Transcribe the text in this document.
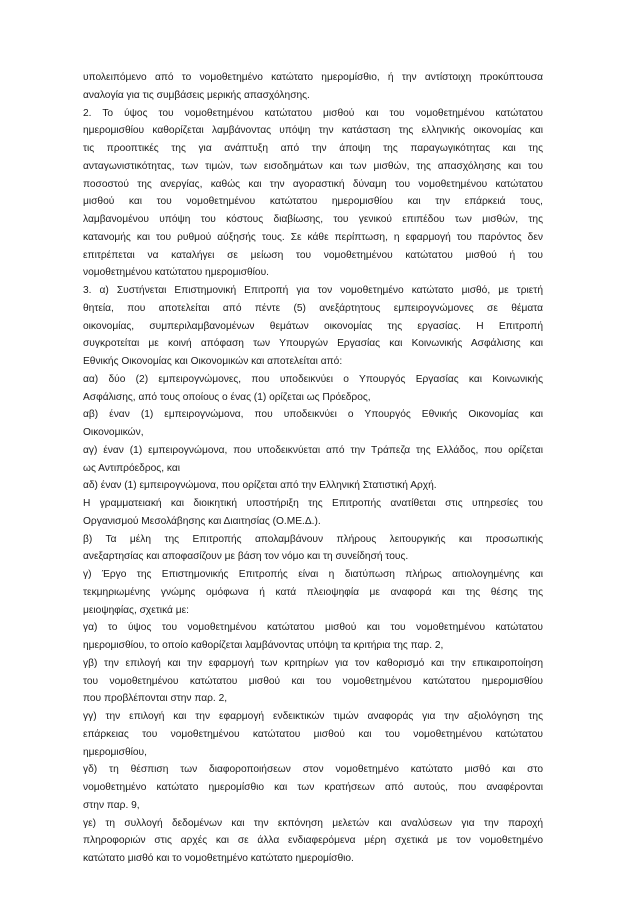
υπολειπόμενο από το νομοθετημένο κατώτατο ημερομίσθιο, ή την αντίστοιχη προκύπτουσα
αναλογία για τις συμβάσεις μερικής απασχόλησης.
2. Το ύψος του νομοθετημένου κατώτατου μισθού και του νομοθετημένου κατώτατου
ημερομισθίου καθορίζεται λαμβάνοντας υπόψη την κατάσταση της ελληνικής οικονομίας και
τις προοπτικές της για ανάπτυξη από την άποψη της παραγωγικότητας και της
ανταγωνιστικότητας, των τιμών, των εισοδημάτων και των μισθών, της απασχόλησης και του
ποσοστού της ανεργίας, καθώς και την αγοραστική δύναμη του νομοθετημένου κατώτατου
μισθού και του νομοθετημένου κατώτατου ημερομισθίου και την επάρκειά τους,
λαμβανομένου υπόψη του κόστους διαβίωσης, του γενικού επιπέδου των μισθών, της
κατανομής και του ρυθμού αύξησής τους. Σε κάθε περίπτωση, η εφαρμογή του παρόντος δεν
επιτρέπεται να καταλήγει σε μείωση του νομοθετημένου κατώτατου μισθού ή του
νομοθετημένου κατώτατου ημερομισθίου.
3. α) Συστήνεται Επιστημονική Επιτροπή για τον νομοθετημένο κατώτατο μισθό, με τριετή
θητεία, που αποτελείται από πέντε (5) ανεξάρτητους εμπειρογνώμονες σε θέματα
οικονομίας, συμπεριλαμβανομένων θεμάτων οικονομίας της εργασίας. Η Επιτροπή
συγκροτείται με κοινή απόφαση των Υπουργών Εργασίας και Κοινωνικής Ασφάλισης και
Εθνικής Οικονομίας και Οικονομικών και αποτελείται από:
αα) δύο (2) εμπειρογνώμονες, που υποδεικνύει ο Υπουργός Εργασίας και Κοινωνικής
Ασφάλισης, από τους οποίους ο ένας (1) ορίζεται ως Πρόεδρος,
αβ) έναν (1) εμπειρογνώμονα, που υποδεικνύει ο Υπουργός Εθνικής Οικονομίας και
Οικονομικών,
αγ) έναν (1) εμπειρογνώμονα, που υποδεικνύεται από την Τράπεζα της Ελλάδος, που ορίζεται
ως Αντιπρόεδρος, και
αδ) έναν (1) εμπειρογνώμονα, που ορίζεται από την Ελληνική Στατιστική Αρχή.
Η γραμματειακή και διοικητική υποστήριξη της Επιτροπής ανατίθεται στις υπηρεσίες του
Οργανισμού Μεσολάβησης και Διαιτησίας (Ο.ΜΕ.Δ.).
β) Τα μέλη της Επιτροπής απολαμβάνουν πλήρους λειτουργικής και προσωπικής
ανεξαρτησίας και αποφασίζουν με βάση τον νόμο και τη συνείδησή τους.
γ) Έργο της Επιστημονικής Επιτροπής είναι η διατύπωση πλήρως αιτιολογημένης και
τεκμηριωμένης γνώμης ομόφωνα ή κατά πλειοψηφία με αναφορά και της θέσης της
μειοψηφίας, σχετικά με:
γα) το ύψος του νομοθετημένου κατώτατου μισθού και του νομοθετημένου κατώτατου
ημερομισθίου, το οποίο καθορίζεται λαμβάνοντας υπόψη τα κριτήρια της παρ. 2,
γβ) την επιλογή και την εφαρμογή των κριτηρίων για τον καθορισμό και την επικαιροποίηση
του νομοθετημένου κατώτατου μισθού και του νομοθετημένου κατώτατου ημερομισθίου
που προβλέπονται στην παρ. 2,
γγ) την επιλογή και την εφαρμογή ενδεικτικών τιμών αναφοράς για την αξιολόγηση της
επάρκειας του νομοθετημένου κατώτατου μισθού και του νομοθετημένου κατώτατου
ημερομισθίου,
γδ) τη θέσπιση των διαφοροποιήσεων στον νομοθετημένο κατώτατο μισθό και στο
νομοθετημένο κατώτατο ημερομίσθιο και των κρατήσεων από αυτούς, που αναφέρονται
στην παρ. 9,
γε) τη συλλογή δεδομένων και την εκπόνηση μελετών και αναλύσεων για την παροχή
πληροφοριών στις αρχές και σε άλλα ενδιαφερόμενα μέρη σχετικά με τον νομοθετημένο
κατώτατο μισθό και το νομοθετημένο κατώτατο ημερομίσθιο.
